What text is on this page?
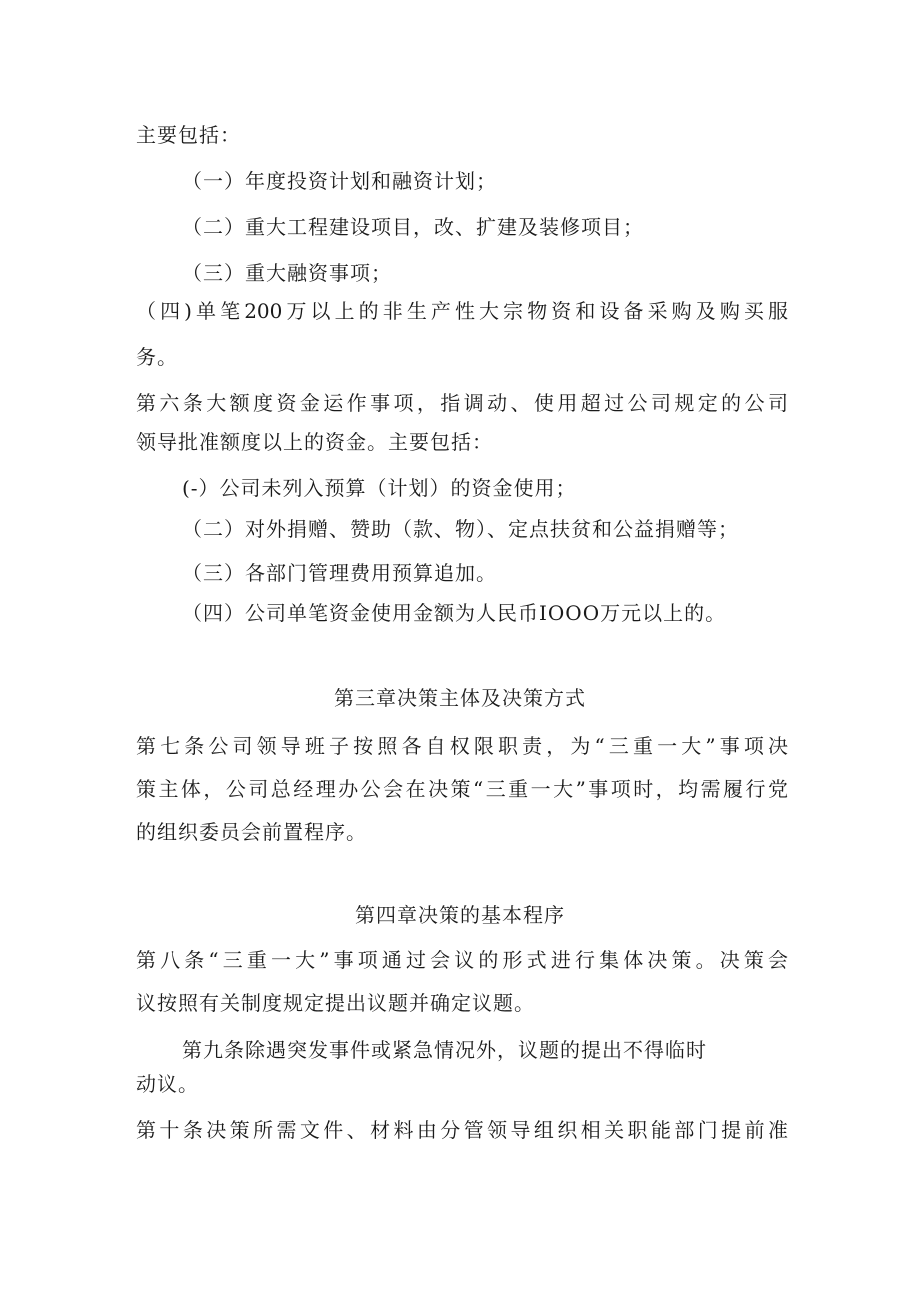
主要包括：

（一）年度投资计划和融资计划；

（二）重大工程建设项目，改、扩建及装修项目；

（三）重大融资事项；

（四)单笔200万以上的非生产性大宗物资和设备采购及购买服

务。

第六条大额度资金运作事项，指调动、使用超过公司规定的公司

领导批准额度以上的资金。主要包括：

(-）公司未列入预算（计划）的资金使用；

（二）对外捐赠、赞助（款、物）、定点扶贫和公益捐赠等；

（三）各部门管理费用预算追加。

（四）公司单笔资金使用金额为人民币IOOO万元以上的。

第三章决策主体及决策方式

第七条公司领导班子按照各自权限职责，为“三重一大”事项决

策主体，公司总经理办公会在决策“三重一大”事项时，均需履行党

的组织委员会前置程序。

第四章决策的基本程序

第八条“三重一大”事项通过会议的形式进行集体决策。决策会

议按照有关制度规定提出议题并确定议题。

第九条除遇突发事件或紧急情况外，议题的提出不得临时

动议。

第十条决策所需文件、材料由分管领导组织相关职能部门提前准
